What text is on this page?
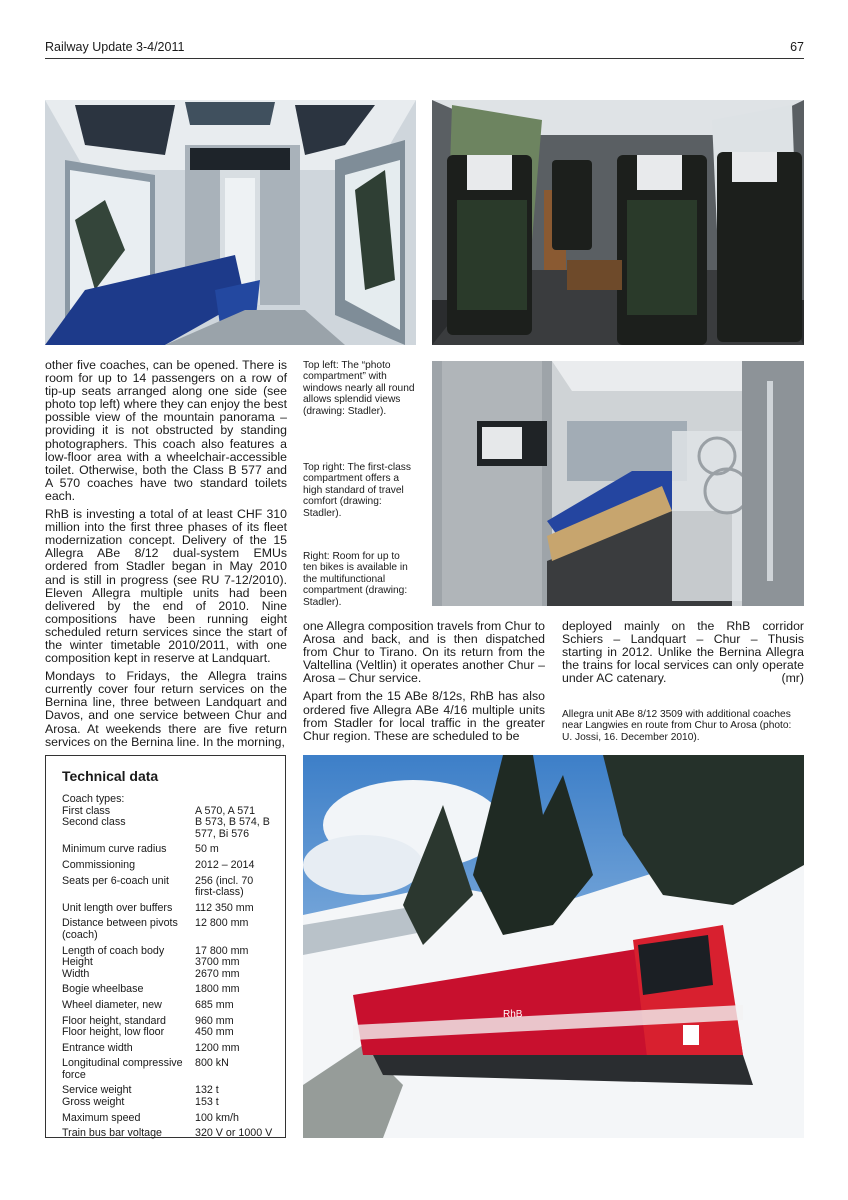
Railway Update 3-4/2011	67

other five coaches, can be opened. There is room for up to 14 passengers on a row of tip-up seats arranged along one side (see photo top left) where they can enjoy the best possible view of the mountain panorama – providing it is not obstructed by standing photographers. This coach also features a low-floor area with a wheelchair-accessible toilet. Otherwise, both the Class B 577 and A 570 coaches have two standard toilets each.

RhB is investing a total of at least CHF 310 million into the first three phases of its fleet modernization concept. Delivery of the 15 Allegra ABe 8/12 dual-system EMUs ordered from Stadler began in May 2010 and is still in progress (see RU 7-12/2010). Eleven Allegra multiple units had been delivered by the end of 2010. Nine compositions have been running eight scheduled return services since the start of the winter timetable 2010/2011, with one composition kept in reserve at Landquart.

Mondays to Fridays, the Allegra trains currently cover four return services on the Bernina line, three between Landquart and Davos, and one service between Chur and Arosa. At weekends there are five return services on the Bernina line. In the morning,

Top left: The “photo compartment” with windows nearly all round allows splendid views (drawing: Stadler).

Top right: The first-class compartment offers a high standard of travel comfort (drawing: Stadler).

Right: Room for up to ten bikes is available in the multifunctional compartment (drawing: Stadler).

one Allegra composition travels from Chur to Arosa and back, and is then dispatched from Chur to Tirano. On its return from the Valtellina (Veltlin) it operates another Chur – Arosa – Chur service.

Apart from the 15 ABe 8/12s, RhB has also ordered five Allegra ABe 4/16 multiple units from Stadler for local traffic in the greater Chur region. These are scheduled to be

deployed mainly on the RhB corridor Schiers – Landquart – Chur – Thusis starting in 2012. Unlike the Bernina Allegra the trains for local services can only operate under AC catenary.	(mr)

Allegra unit ABe 8/12 3509 with additional coaches near Langwies en route from Chur to Arosa (photo: U. Jossi, 16. December 2010).

Technical data
Coach types:	
First class	A 570, A 571
Second class	B 573, B 574, B 577, Bi 576
Minimum curve radius	50 m
Commissioning	2012 – 2014
Seats per 6-coach unit	256 (incl. 70 first-class)
Unit length over buffers	112 350 mm
Distance between pivots (coach)	12 800 mm
Length of coach body	17 800 mm
Height	3700 mm
Width	2670 mm
Bogie wheelbase	1800 mm
Wheel diameter, new	685 mm
Floor height, standard	960 mm
Floor height, low floor	450 mm
Entrance width	1200 mm
Longitudinal compressive force	800 kN
Service weight	132 t
Gross weight	153 t
Maximum speed	100 km/h
Train bus bar voltage	320 V or 1000 V
RhB
